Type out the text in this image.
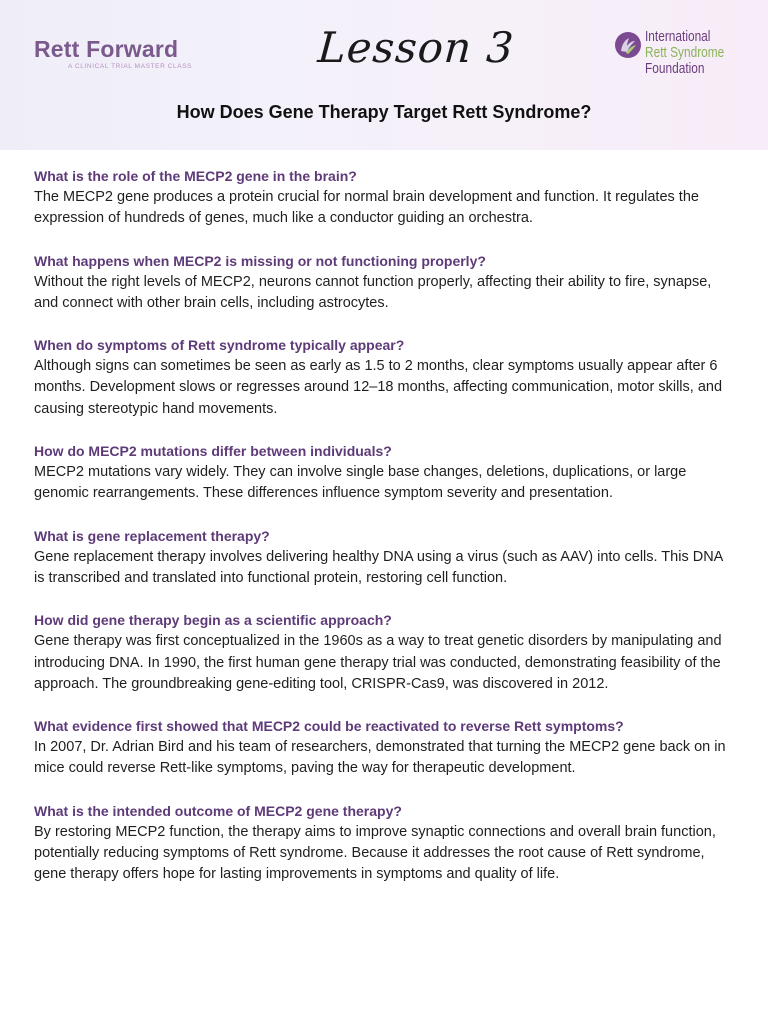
Rett Forward
A CLINICAL TRIAL MASTER CLASS	Lesson 3	International
Rett Syndrome
Foundation
How Does Gene Therapy Target Rett Syndrome?
What is the role of the MECP2 gene in the brain?
The MECP2 gene produces a protein crucial for normal brain development and function. It regulates the expression of hundreds of genes, much like a conductor guiding an orchestra.
What happens when MECP2 is missing or not functioning properly?
Without the right levels of MECP2, neurons cannot function properly, affecting their ability to fire, synapse, and connect with other brain cells, including astrocytes.
When do symptoms of Rett syndrome typically appear?
Although signs can sometimes be seen as early as 1.5 to 2 months, clear symptoms usually appear after 6 months. Development slows or regresses around 12–18 months, affecting communication, motor skills, and causing stereotypic hand movements.
How do MECP2 mutations differ between individuals?
MECP2 mutations vary widely. They can involve single base changes, deletions, duplications, or large genomic rearrangements. These differences influence symptom severity and presentation.
What is gene replacement therapy?
Gene replacement therapy involves delivering healthy DNA using a virus (such as AAV) into cells. This DNA is transcribed and translated into functional protein, restoring cell function.
How did gene therapy begin as a scientific approach?
Gene therapy was first conceptualized in the 1960s as a way to treat genetic disorders by manipulating and introducing DNA. In 1990, the first human gene therapy trial was conducted, demonstrating feasibility of the approach. The groundbreaking gene-editing tool, CRISPR-Cas9, was discovered in 2012.
What evidence first showed that MECP2 could be reactivated to reverse Rett symptoms?
In 2007, Dr. Adrian Bird and his team of researchers, demonstrated that turning the MECP2 gene back on in mice could reverse Rett-like symptoms, paving the way for therapeutic development.
What is the intended outcome of MECP2 gene therapy?
By restoring MECP2 function, the therapy aims to improve synaptic connections and overall brain function, potentially reducing symptoms of Rett syndrome. Because it addresses the root cause of Rett syndrome, gene therapy offers hope for lasting improvements in symptoms and quality of life.
